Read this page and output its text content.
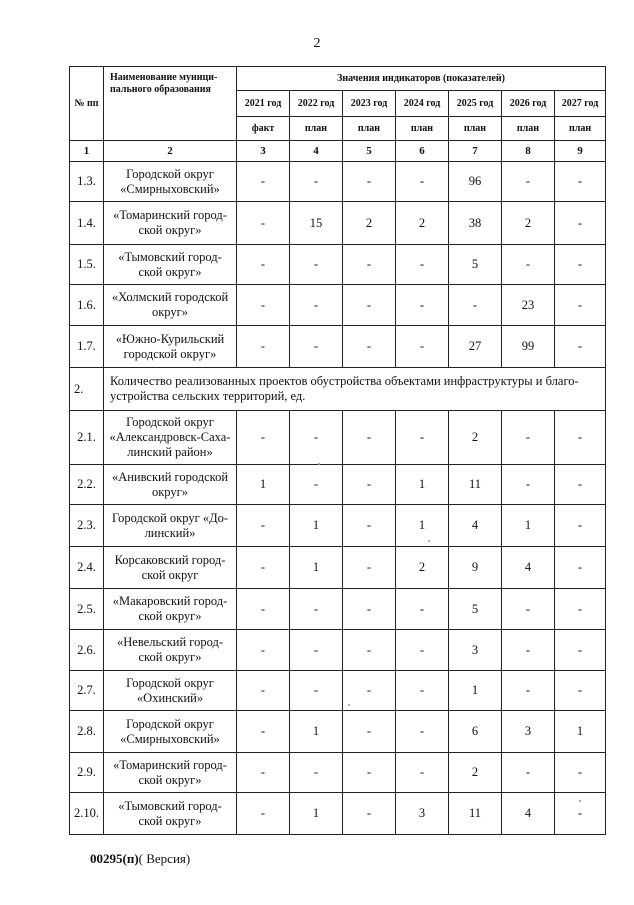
2
№ пп	Наименование муници- пального образования	Значения индикаторов (показателей)						
		2021 год	2022 год	2023 год	2024 год	2025 год	2026 год	2027 год
		факт	план	план	план	план	план	план
1	2	3	4	5	6	7	8	9
1.3.	Городской округ «Смирныховский»	-	-	-	-	96	-	-
1.4.	«Томаринский город- ской округ»	-	15	2	2	38	2	-
1.5.	«Тымовский город- ской округ»	-	-	-	-	5	-	-
1.6.	«Холмский городской округ»	-	-	-	-	-	23	-
1.7.	«Южно-Курильский городской округ»	-	-	-	-	27	99	-
2.	Количество реализованных проектов обустройства объектами инфраструктуры и благо- устройства сельских территорий, ед.							
2.1.	Городской округ «Александровск-Саха- линский район»	-	-	-	-	2	-	-
2.2.	«Анивский городской округ»	1	-	-	1	11	-	-
2.3.	Городской округ «До- линский»	-	1	-	1	4	1	-
2.4.	Корсаковский город- ской округ	-	1	-	2	9	4	-
2.5.	«Макаровский город- ской округ»	-	-	-	-	5	-	-
2.6.	«Невельский город- ской округ»	-	-	-	-	3	-	-
2.7.	Городской округ «Охинский»	-	-	-	-	1	-	-
2.8.	Городской округ «Смирныховский»	-	1	-	-	6	3	1
2.9.	«Томаринский город- ской округ»	-	-	-	-	2	-	-
2.10.	«Тымовский город- ской округ»	-	1	-	3	11	4	-
00295(п)( Версия)
